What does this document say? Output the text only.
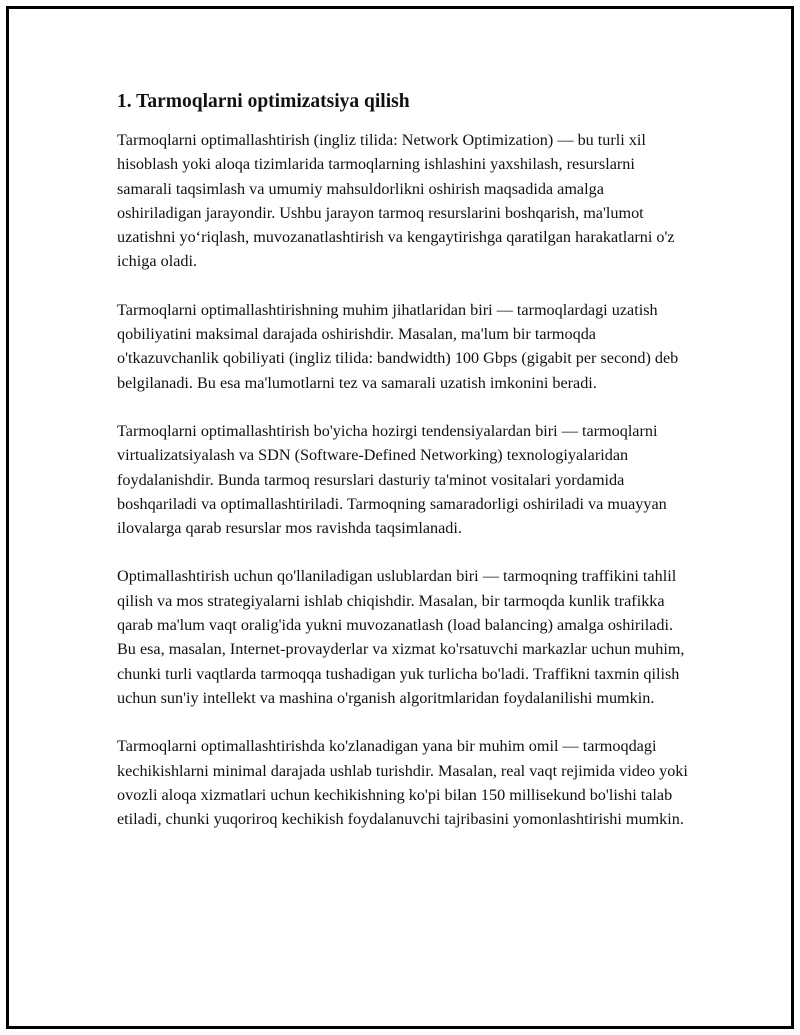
1. Tarmoqlarni optimizatsiya qilish

Tarmoqlarni optimallashtirish (ingliz tilida: Network Optimization) — bu turli xil hisoblash yoki aloqa tizimlarida tarmoqlarning ishlashini yaxshilash, resurslarni samarali taqsimlash va umumiy mahsuldorlikni oshirish maqsadida amalga oshiriladigan jarayondir. Ushbu jarayon tarmoq resurslarini boshqarish, ma'lumot uzatishni yo‘riqlash, muvozanatlashtirish va kengaytirishga qaratilgan harakatlarni o'z ichiga oladi.

Tarmoqlarni optimallashtirishning muhim jihatlaridan biri — tarmoqlardagi uzatish qobiliyatini maksimal darajada oshirishdir. Masalan, ma'lum bir tarmoqda o'tkazuvchanlik qobiliyati (ingliz tilida: bandwidth) 100 Gbps (gigabit per second) deb belgilanadi. Bu esa ma'lumotlarni tez va samarali uzatish imkonini beradi.

Tarmoqlarni optimallashtirish bo'yicha hozirgi tendensiyalardan biri — tarmoqlarni virtualizatsiyalash va SDN (Software-Defined Networking) texnologiyalaridan foydalanishdir. Bunda tarmoq resurslari dasturiy ta'minot vositalari yordamida boshqariladi va optimallashtiriladi. Tarmoqning samaradorligi oshiriladi va muayyan ilovalarga qarab resurslar mos ravishda taqsimlanadi.

Optimallashtirish uchun qo'llaniladigan uslublardan biri — tarmoqning traffikini tahlil qilish va mos strategiyalarni ishlab chiqishdir. Masalan, bir tarmoqda kunlik trafikka qarab ma'lum vaqt oralig'ida yukni muvozanatlash (load balancing) amalga oshiriladi. Bu esa, masalan, Internet-provayderlar va xizmat ko'rsatuvchi markazlar uchun muhim, chunki turli vaqtlarda tarmoqqa tushadigan yuk turlicha bo'ladi. Traffikni taxmin qilish uchun sun'iy intellekt va mashina o'rganish algoritmlaridan foydalanilishi mumkin.

Tarmoqlarni optimallashtirishda ko'zlanadigan yana bir muhim omil — tarmoqdagi kechikishlarni minimal darajada ushlab turishdir. Masalan, real vaqt rejimida video yoki ovozli aloqa xizmatlari uchun kechikishning ko'pi bilan 150 millisekund bo'lishi talab etiladi, chunki yuqoriroq kechikish foydalanuvchi tajribasini yomonlashtirishi mumkin.
